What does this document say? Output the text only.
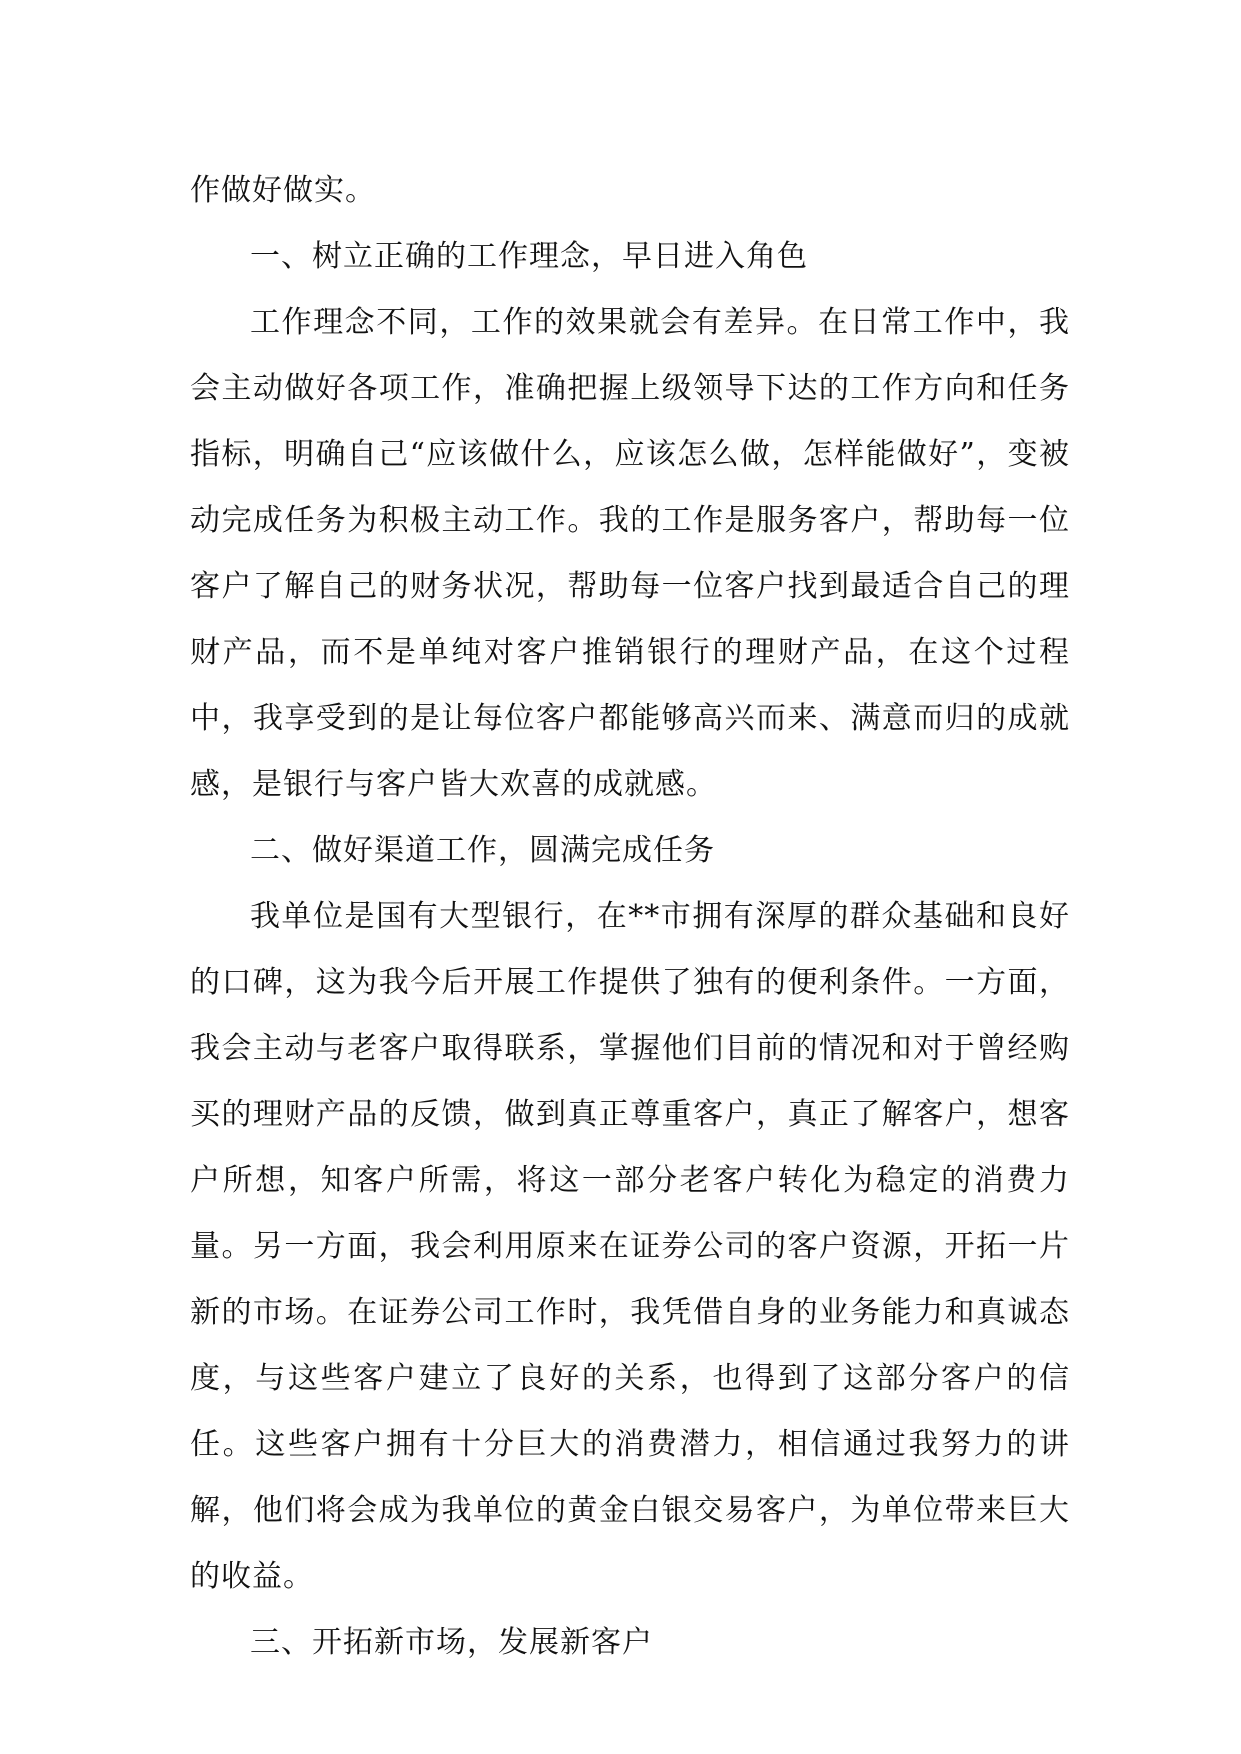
作做好做实。

一、树立正确的工作理念，早日进入角色

工作理念不同，工作的效果就会有差异。在日常工作中，我会主动做好各项工作，准确把握上级领导下达的工作方向和任务指标，明确自己“应该做什么，应该怎么做，怎样能做好”，变被动完成任务为积极主动工作。我的工作是服务客户，帮助每一位客户了解自己的财务状况，帮助每一位客户找到最适合自己的理财产品，而不是单纯对客户推销银行的理财产品，在这个过程中，我享受到的是让每位客户都能够高兴而来、满意而归的成就感，是银行与客户皆大欢喜的成就感。

二、做好渠道工作，圆满完成任务

我单位是国有大型银行，在**市拥有深厚的群众基础和良好的口碑，这为我今后开展工作提供了独有的便利条件。一方面，我会主动与老客户取得联系，掌握他们目前的情况和对于曾经购买的理财产品的反馈，做到真正尊重客户，真正了解客户，想客户所想，知客户所需，将这一部分老客户转化为稳定的消费力量。另一方面，我会利用原来在证券公司的客户资源，开拓一片新的市场。在证券公司工作时，我凭借自身的业务能力和真诚态度，与这些客户建立了良好的关系，也得到了这部分客户的信任。这些客户拥有十分巨大的消费潜力，相信通过我努力的讲解，他们将会成为我单位的黄金白银交易客户，为单位带来巨大的收益。

三、开拓新市场，发展新客户
